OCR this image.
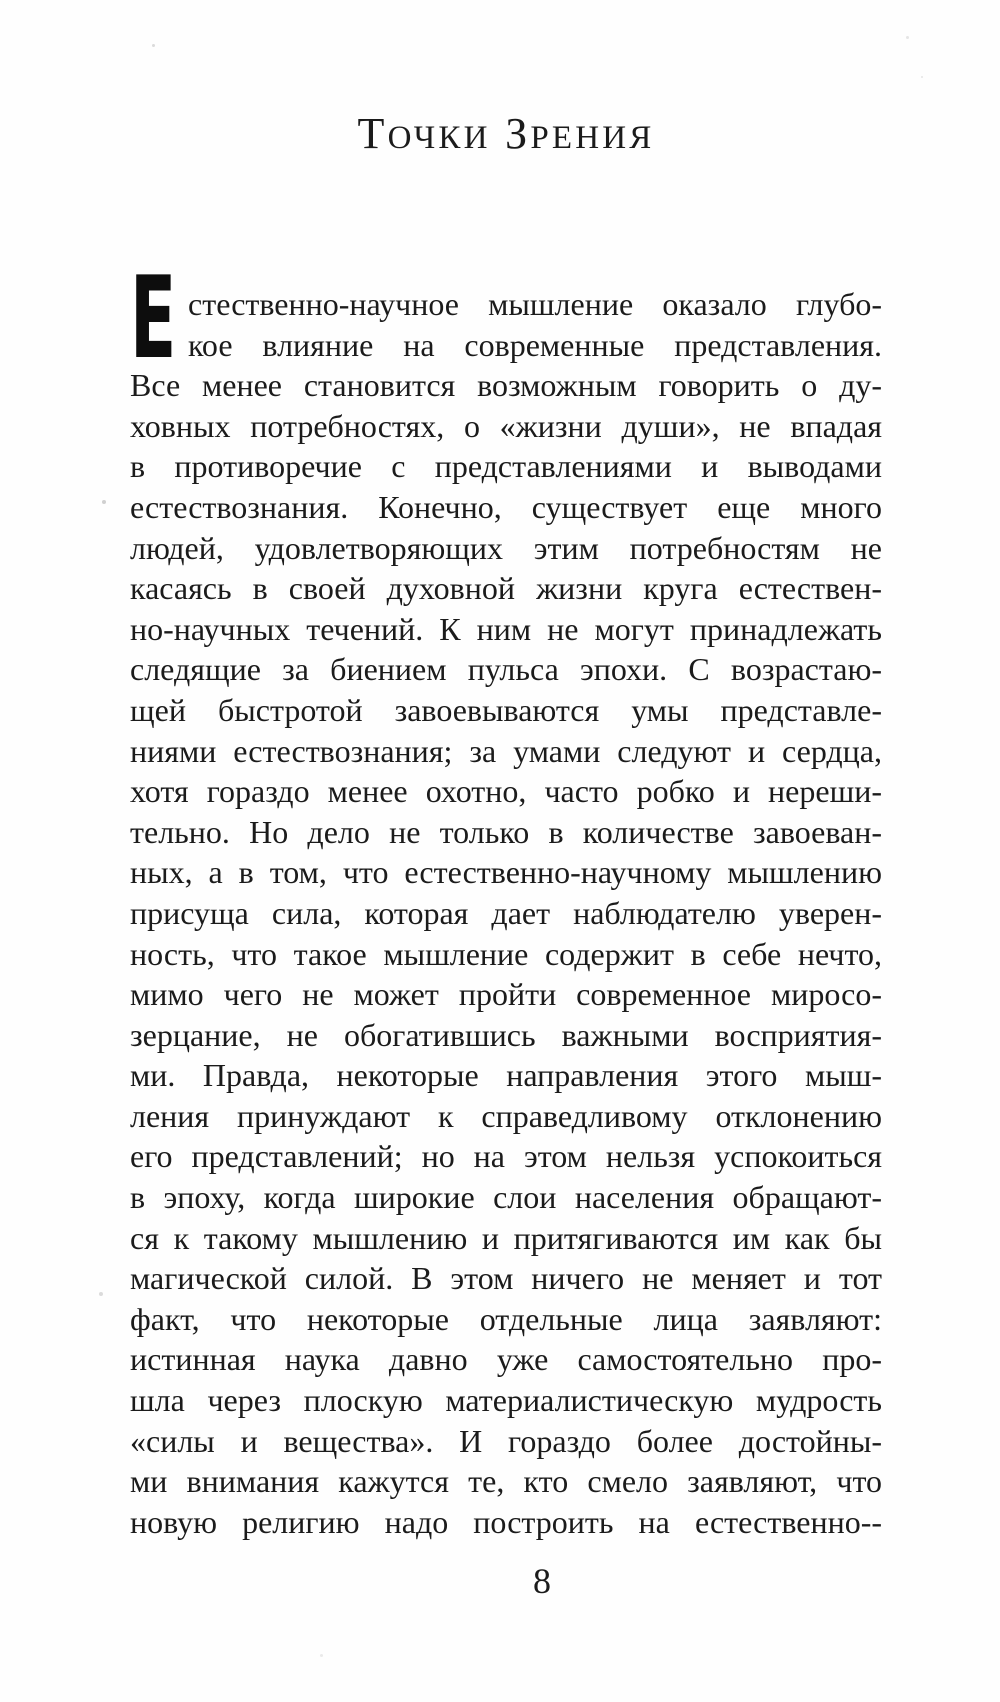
ТОЧКИ ЗРЕНИЯ
Е стественно-научное мышление оказало глубо-
кое влияние на современные представления.
Все менее становится возможным говорить о ду-
ховных потребностях, о «жизни души», не впадая
в противоречие с представлениями и выводами
естествознания. Конечно, существует еще много
людей, удовлетворяющих этим потребностям не
касаясь в своей духовной жизни круга естествен-
но-научных течений. К ним не могут принадлежать
следящие за биением пульса эпохи. С возрастаю-
щей быстротой завоевываются умы представле-
ниями естествознания; за умами следуют и сердца,
хотя гораздо менее охотно, часто робко и нереши-
тельно. Но дело не только в количестве завоеван-
ных, а в том, что естественно-научному мышлению
присуща сила, которая дает наблюдателю уверен-
ность, что такое мышление содержит в себе нечто,
мимо чего не может пройти современное миросо-
зерцание, не обогатившись важными восприятия-
ми. Правда, некоторые направления этого мыш-
ления принуждают к справедливому отклонению
его представлений; но на этом нельзя успокоиться
в эпоху, когда широкие слои населения обращают-
ся к такому мышлению и притягиваются им как бы
магической силой. В этом ничего не меняет и тот
факт, что некоторые отдельные лица заявляют:
истинная наука давно уже самостоятельно про-
шла через плоскую материалистическую мудрость
«силы и вещества». И гораздо более достойны-
ми внимания кажутся те, кто смело заявляют, что
новую религию надо построить на естественно--
8
